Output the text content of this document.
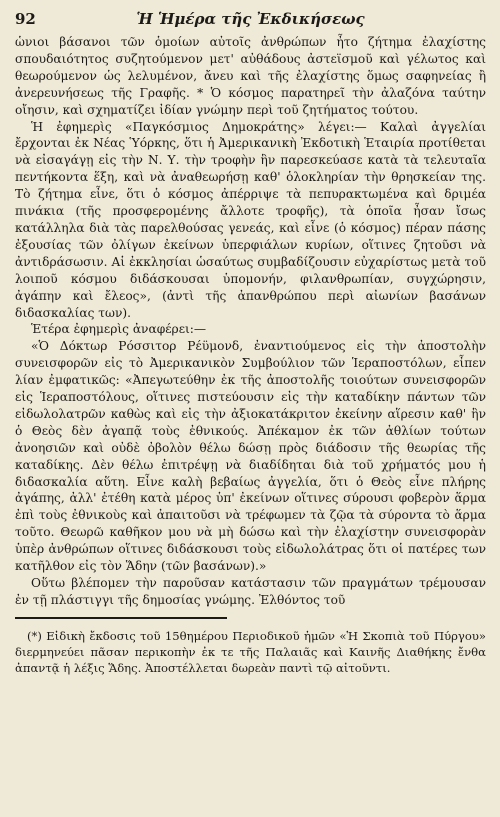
92	Ἡ Ἡμέρα τῆς Ἐκδικήσεως

ὡνιοι βάσανοι τῶν ὁμοίων αὐτοῖς ἀνθρώπων ἦτο ζήτημα ἐλαχίστης σπουδαιότητος συζητούμενον μετ' αὐθάδους ἀστεϊσμοῦ καὶ γέλωτος καὶ θεωρούμενον ὡς λελυμένον, ἄνευ καὶ τῆς ἐλαχίστης ὅμως σαφηνείας ἢ ἀνερευνήσεως τῆς Γραφῆς. * Ὁ κόσμος παρατηρεῖ τὴν ἀλαζόνα ταύτην οἴησιν, καὶ σχηματίζει ἰδίαν γνώμην περὶ τοῦ ζητήματος τούτου.

Ἡ ἐφημερὶς «Παγκόσμιος Δημοκράτης» λέγει:— Καλαὶ ἀγγελίαι ἔρχονται ἐκ Νέας Ὑόρκης, ὅτι ἡ Ἀμερικανικὴ Ἐκδοτικὴ Ἑταιρία προτίθεται νὰ εἰσαγάγῃ εἰς τὴν Ν. Υ. τὴν τροφὴν ἣν παρεσκεύασε κατὰ τὰ τελευταῖα πεντήκοντα ἕξη, καὶ νὰ ἀναθεωρήσῃ καθ' ὁλοκληρίαν τὴν θρησκείαν της. Τὸ ζήτημα εἶνε, ὅτι ὁ κόσμος ἀπέρριψε τὰ πεπυρακτωμένα καὶ δριμέα πινάκια (τῆς προσφερομένης ἄλλοτε τροφῆς), τὰ ὁποῖα ἦσαν ἴσως κατάλληλα διὰ τὰς παρελθούσας γενεάς, καὶ εἶνε (ὁ κόσμος) πέραν πάσης ἐξουσίας τῶν ὀλίγων ἐκείνων ὑπερφιάλων κυρίων, οἵτινες ζητοῦσι νὰ ἀντιδράσωσιν. Αἱ ἐκκλησίαι ὡσαύτως συμβαδίζουσιν εὐχαρίστως μετὰ τοῦ λοιποῦ κόσμου διδάσκουσαι ὑπομονήν, φιλανθρωπίαν, συγχώρησιν, ἀγάπην καὶ ἔλεος», (ἀντὶ τῆς ἀπανθρώπου περὶ αἰωνίων βασάνων διδασκαλίας των).

Ἑτέρα ἐφημερὶς ἀναφέρει:—

«Ὁ Δόκτωρ Ρόσσιτορ Ρέϋμονδ, ἐναντιούμενος εἰς τὴν ἀποστολὴν συνεισφορῶν εἰς τὸ Ἀμερικανικὸν Συμβούλιον τῶν Ἱεραποστόλων, εἶπεν λίαν ἐμφατικῶς: «Ἀπεγωτεύθην ἐκ τῆς ἀποστολῆς τοιούτων συνεισφορῶν εἰς Ἱεραποστόλους, οἵτινες πιστεύουσιν εἰς τὴν καταδίκην πάντων τῶν εἰδωλολατρῶν καθὼς καὶ εἰς τὴν ἀξιοκατάκριτον ἐκείνην αἵρεσιν καθ' ἣν ὁ Θεὸς δὲν ἀγαπᾷ τοὺς ἐθνικούς. Ἀπέκαμον ἐκ τῶν ἀθλίων τούτων ἀνοησιῶν καὶ οὐδὲ ὀβολὸν θέλω δώσῃ πρὸς διάδοσιν τῆς θεωρίας τῆς καταδίκης. Δὲν θέλω ἐπιτρέψῃ νὰ διαδίδηται διὰ τοῦ χρήματός μου ἡ διδασκαλία αὕτη. Εἶνε καλὴ βεβαίως ἀγγελία, ὅτι ὁ Θεὸς εἶνε πλήρης ἀγάπης, ἀλλ' ἐτέθη κατὰ μέρος ὑπ' ἐκείνων οἵτινες σύρουσι φοβερὸν ἅρμα ἐπὶ τοὺς ἐθνικοὺς καὶ ἀπαιτοῦσι νὰ τρέφωμεν τὰ ζῷα τὰ σύροντα τὸ ἅρμα τοῦτο. Θεωρῶ καθῆκον μου νὰ μὴ δώσω καὶ τὴν ἐλαχίστην συνεισφορὰν ὑπὲρ ἀνθρώπων οἵτινες διδάσκουσι τοὺς εἰδωλολάτρας ὅτι οἱ πατέρες των κατῆλθον εἰς τὸν Ἅδην (τῶν βασάνων).»

Οὕτω βλέπομεν τὴν παροῦσαν κατάστασιν τῶν πραγμάτων τρέμουσαν ἐν τῇ πλάστιγγι τῆς δημοσίας γνώμης. Ἐλθόντος τοῦ

(*) Εἰδικὴ ἔκδοσις τοῦ 15θημέρου Περιοδικοῦ ἡμῶν «Ἡ Σκοπιὰ τοῦ Πύργου» διερμηνεύει πᾶσαν περικοπὴν ἐκ τε τῆς Παλαιᾶς καὶ Καινῆς Διαθήκης ἔνθα ἀπαντᾷ ἡ λέξις Ἅδης. Ἀποστέλλεται δωρεὰν παντὶ τῷ αἰτοῦντι.
